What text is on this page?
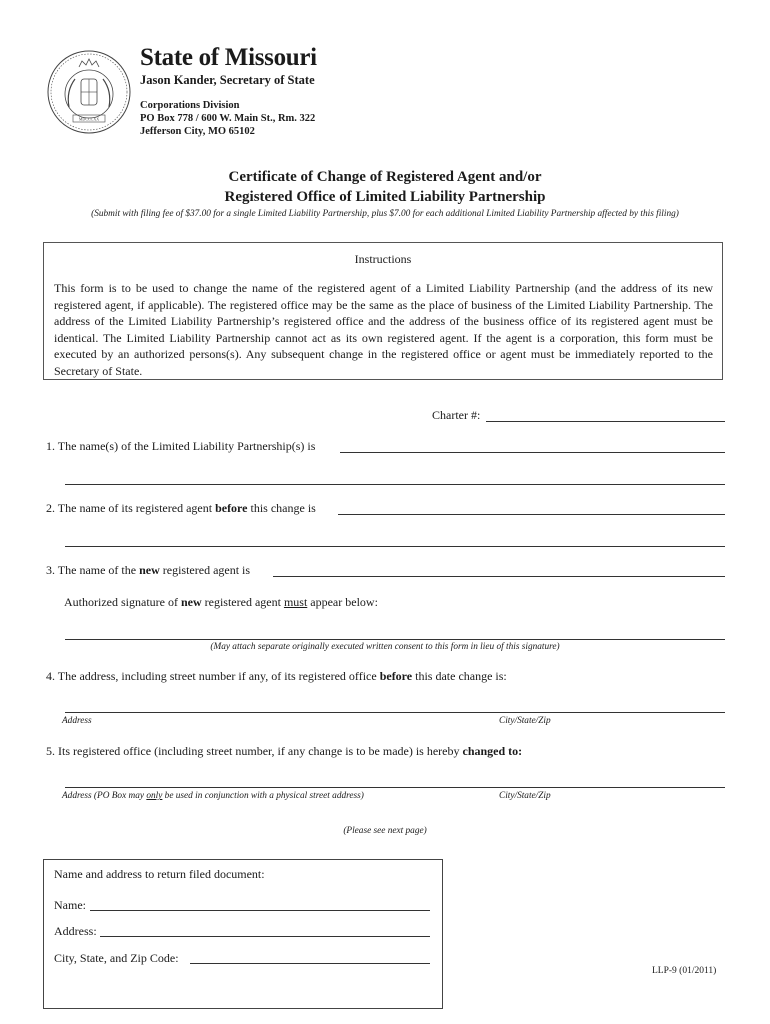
MDCCCXX
State of Missouri
Jason Kander, Secretary of State
Corporations Division
PO Box 778 / 600 W. Main St., Rm. 322
Jefferson City, MO 65102
Certificate of Change of Registered Agent and/or
Registered Office of Limited Liability Partnership
(Submit with filing fee of $37.00 for a single Limited Liability Partnership, plus $7.00 for each additional Limited Liability Partnership affected by this filing)
Instructions
This form is to be used to change the name of the registered agent of a Limited Liability Partnership (and the address of its new registered agent, if applicable). The registered office may be the same as the place of business of the Limited Liability Partnership. The address of the Limited Liability Partnership’s registered office and the address of the business office of its registered agent must be identical. The Limited Liability Partnership cannot act as its own registered agent. If the agent is a corporation, this form must be executed by an authorized persons(s). Any subsequent change in the registered office or agent must be immediately reported to the Secretary of State.
Charter #:
1. The name(s) of the Limited Liability Partnership(s) is
2. The name of its registered agent before this change is
3. The name of the new registered agent is
Authorized signature of new registered agent must appear below:
(May attach separate originally executed written consent to this form in lieu of this signature)
4. The address, including street number if any, of its registered office before this date change is:
Address	City/State/Zip
5. Its registered office (including street number, if any change is to be made) is hereby changed to:
Address (PO Box may only be used in conjunction with a physical street address)	City/State/Zip
(Please see next page)
Name and address to return filed document:
Name:
Address:
City, State, and Zip Code:
LLP-9 (01/2011)
